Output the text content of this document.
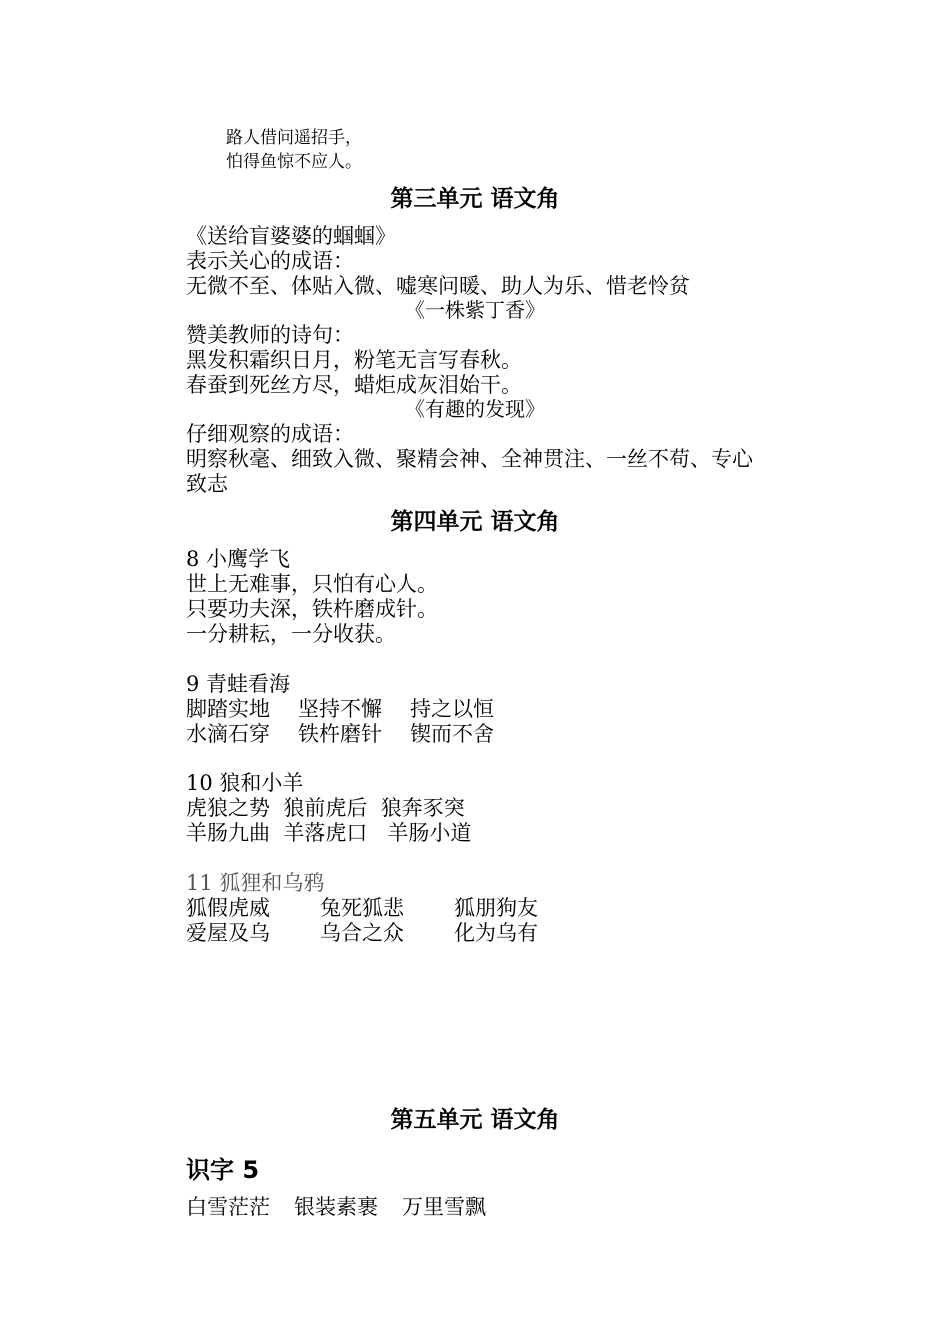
路人借问遥招手，
怕得鱼惊不应人。
第三单元 语文角
《送给盲婆婆的蝈蝈》
表示关心的成语：
无微不至、体贴入微、嘘寒问暖、助人为乐、惜老怜贫
《一株紫丁香》
赞美教师的诗句：
黑发积霜织日月，粉笔无言写春秋。
春蚕到死丝方尽，蜡炬成灰泪始干。
《有趣的发现》
仔细观察的成语：
明察秋毫、细致入微、聚精会神、全神贯注、一丝不苟、专心
致志
第四单元 语文角
8 小鹰学飞
世上无难事，只怕有心人。
只要功夫深，铁杵磨成针。
一分耕耘，一分收获。
9 青蛙看海
脚踏实地 坚持不懈 持之以恒
水滴石穿 铁杵磨针 锲而不舍
10 狼和小羊
虎狼之势  狼前虎后  狼奔豕突
羊肠九曲  羊落虎口   羊肠小道
11 狐狸和乌鸦
狐假虎威 兔死狐悲 狐朋狗友
爱屋及乌 乌合之众 化为乌有
第五单元 语文角
识字 5
白雪茫茫 银装素裹 万里雪飘
